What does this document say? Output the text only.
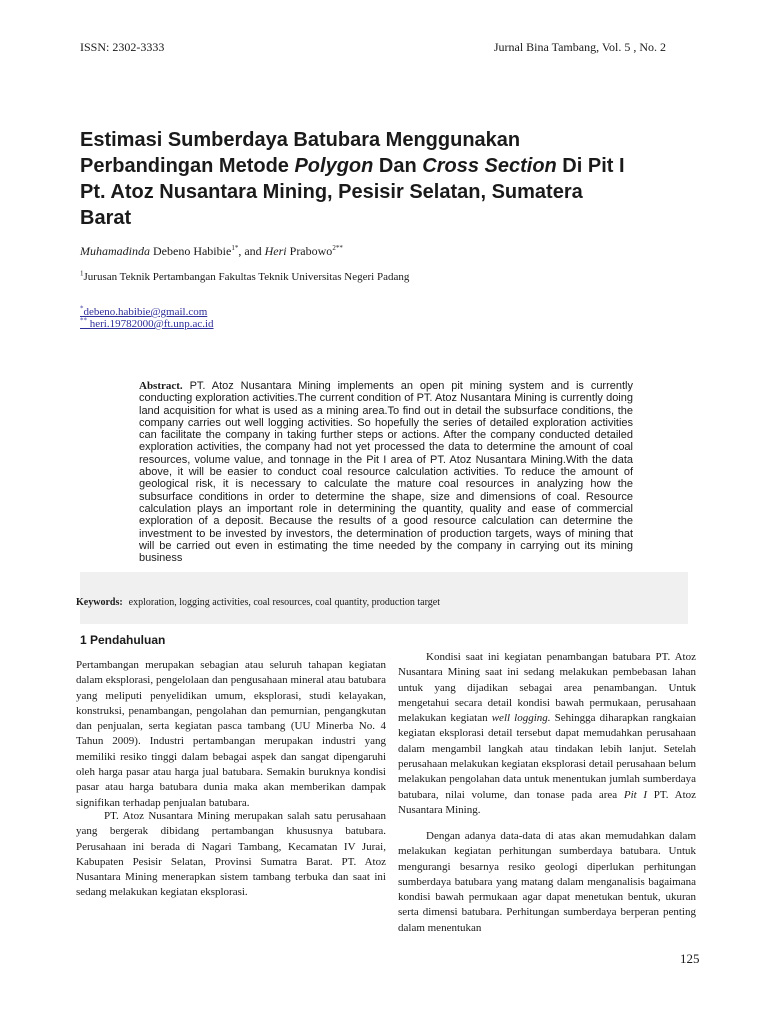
ISSN: 2302-3333	Jurnal Bina Tambang, Vol. 5 , No. 2
Estimasi Sumberdaya Batubara Menggunakan
Perbandingan Metode Polygon Dan Cross Section Di Pit I
Pt. Atoz Nusantara Mining, Pesisir Selatan, Sumatera
Barat
Muhamadinda Debeno Habibie$^{1*}$, and Heri Prabowo$^{2**}$
$^1$Jurusan Teknik Pertambangan Fakultas Teknik Universitas Negeri Padang
*debeno.habibie@gmail.com
** heri.19782000@ft.unp.ac.id
Abstract. PT. Atoz Nusantara Mining implements an open pit mining system and is currently conducting exploration activities.The current condition of PT. Atoz Nusantara Mining is currently doing land acquisition for what is used as a mining area.To find out in detail the subsurface conditions, the company carries out well logging activities. So hopefully the series of detailed exploration activities can facilitate the company in taking further steps or actions. After the company conducted detailed exploration activities, the company had not yet processed the data to determine the amount of coal resources, volume value, and tonnage in the Pit I area of PT. Atoz Nusantara Mining.With the data above, it will be easier to conduct coal resource calculation activities. To reduce the amount of geological risk, it is necessary to calculate the mature coal resources in analyzing how the subsurface conditions in order to determine the shape, size and dimensions of coal. Resource calculation plays an important role in determining the quantity, quality and ease of commercial exploration of a deposit. Because the results of a good resource calculation can determine the investment to be invested by investors, the determination of production targets, ways of mining that will be carried out even in estimating the time needed by the company in carrying out its mining business
Keywords: exploration, logging activities, coal resources, coal quantity, production target
1 Pendahuluan

Pertambangan merupakan sebagian atau seluruh tahapan kegiatan dalam eksplorasi, pengelolaan dan pengusahaan mineral atau batubara yang meliputi penyelidikan umum, eksplorasi, studi kelayakan, konstruksi, penambangan, pengolahan dan pemurnian, pengangkutan dan penjualan, serta kegiatan pasca tambang (UU Minerba No. 4 Tahun 2009). Industri pertambangan merupakan industri yang memiliki resiko tinggi dalam bebagai aspek dan sangat dipengaruhi oleh harga pasar atau harga jual batubara. Semakin buruknya kondisi pasar atau harga batubara dunia maka akan memberikan dampak signifikan terhadap penjualan batubara.

PT. Atoz Nusantara Mining merupakan salah satu perusahaan yang bergerak dibidang pertambangan khususnya batubara. Perusahaan ini berada di Nagari Tambang, Kecamatan IV Jurai, Kabupaten Pesisir Selatan, Provinsi Sumatra Barat. PT. Atoz Nusantara Mining menerapkan sistem tambang terbuka dan saat ini sedang melakukan kegiatan eksplorasi.

Kondisi saat ini kegiatan penambangan batubara PT. Atoz Nusantara Mining saat ini sedang melakukan pembebasan lahan untuk yang dijadikan sebagai area penambangan. Untuk mengetahui secara detail kondisi bawah permukaan, perusahaan melakukan kegiatan well logging. Sehingga diharapkan rangkaian kegiatan eksplorasi detail tersebut dapat memudahkan perusahaan dalam mengambil langkah atau tindakan lebih lanjut. Setelah perusahaan melakukan kegiatan eksplorasi detail perusahaan belum melakukan pengolahan data untuk menentukan jumlah sumberdaya batubara, nilai volume, dan tonase pada area Pit I PT. Atoz Nusantara Mining.

Dengan adanya data-data di atas akan memudahkan dalam melakukan kegiatan perhitungan sumberdaya batubara. Untuk mengurangi besarnya resiko geologi diperlukan perhitungan sumberdaya batubara yang matang dalam menganalisis bagaimana kondisi bawah permukaan agar dapat menetukan bentuk, ukuran serta dimensi batubara. Perhitungan sumberdaya berperan penting dalam menentukan

125
